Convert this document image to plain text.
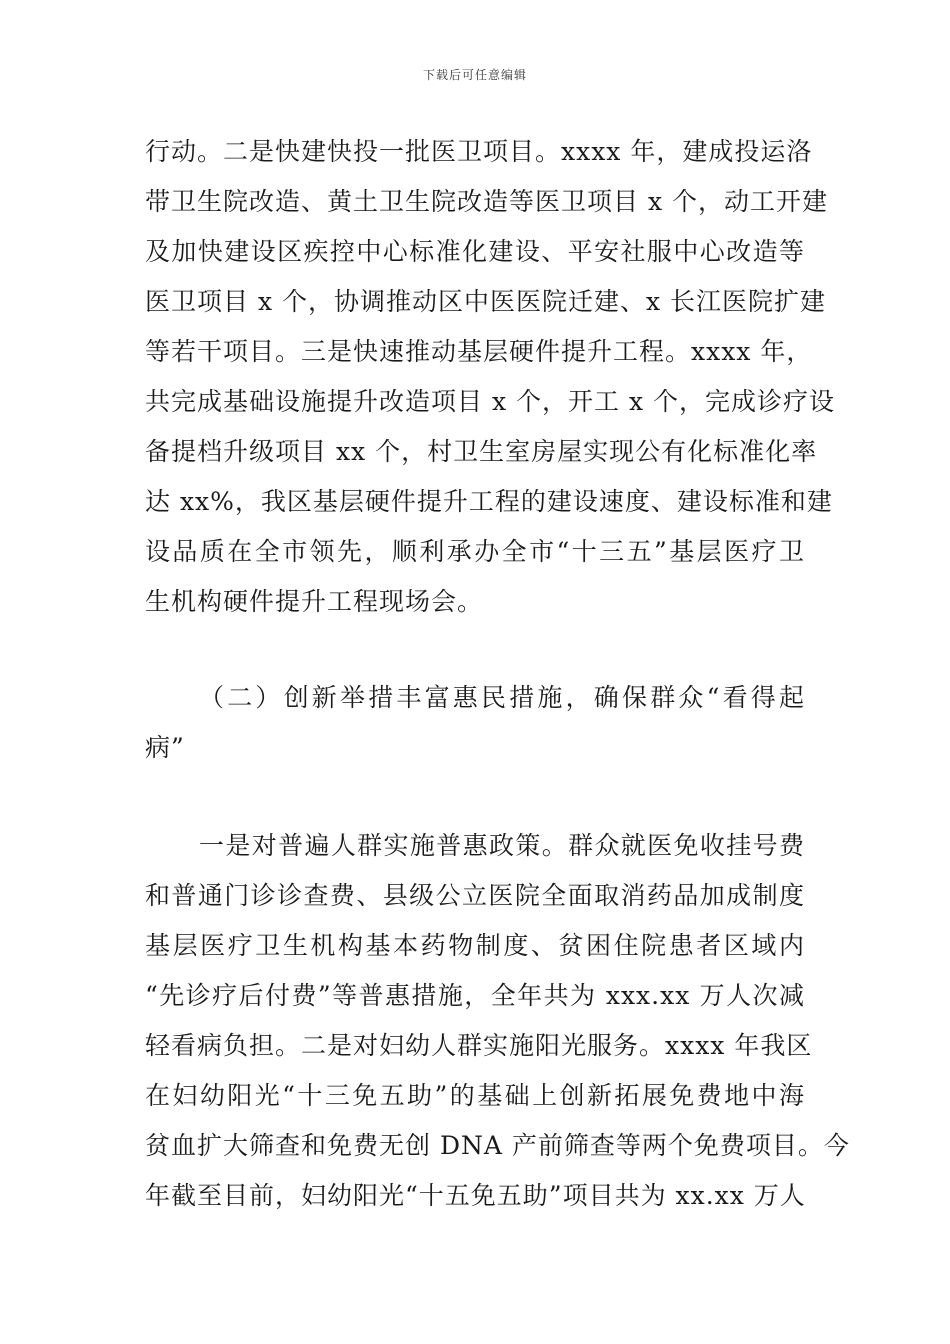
下载后可任意编辑
行动。二是快建快投一批医卫项目。xxxx 年，建成投运洛
带卫生院改造、黄土卫生院改造等医卫项目 x 个，动工开建
及加快建设区疾控中心标准化建设、平安社服中心改造等
医卫项目 x 个，协调推动区中医医院迁建、x 长江医院扩建
等若干项目。三是快速推动基层硬件提升工程。xxxx 年，
共完成基础设施提升改造项目 x 个，开工 x 个，完成诊疗设
备提档升级项目 xx 个，村卫生室房屋实现公有化标准化率
达 xx%，我区基层硬件提升工程的建设速度、建设标准和建
设品质在全市领先，顺利承办全市“十三五”基层医疗卫
生机构硬件提升工程现场会。
（二）创新举措丰富惠民措施，确保群众“看得起
病”
一是对普遍人群实施普惠政策。群众就医免收挂号费
和普通门诊诊查费、县级公立医院全面取消药品加成制度
基层医疗卫生机构基本药物制度、贫困住院患者区域内
“先诊疗后付费”等普惠措施，全年共为 xxx.xx 万人次减
轻看病负担。二是对妇幼人群实施阳光服务。xxxx 年我区
在妇幼阳光“十三免五助”的基础上创新拓展免费地中海
贫血扩大筛查和免费无创 DNA 产前筛查等两个免费项目。今
年截至目前，妇幼阳光“十五免五助”项目共为 xx.xx 万人
